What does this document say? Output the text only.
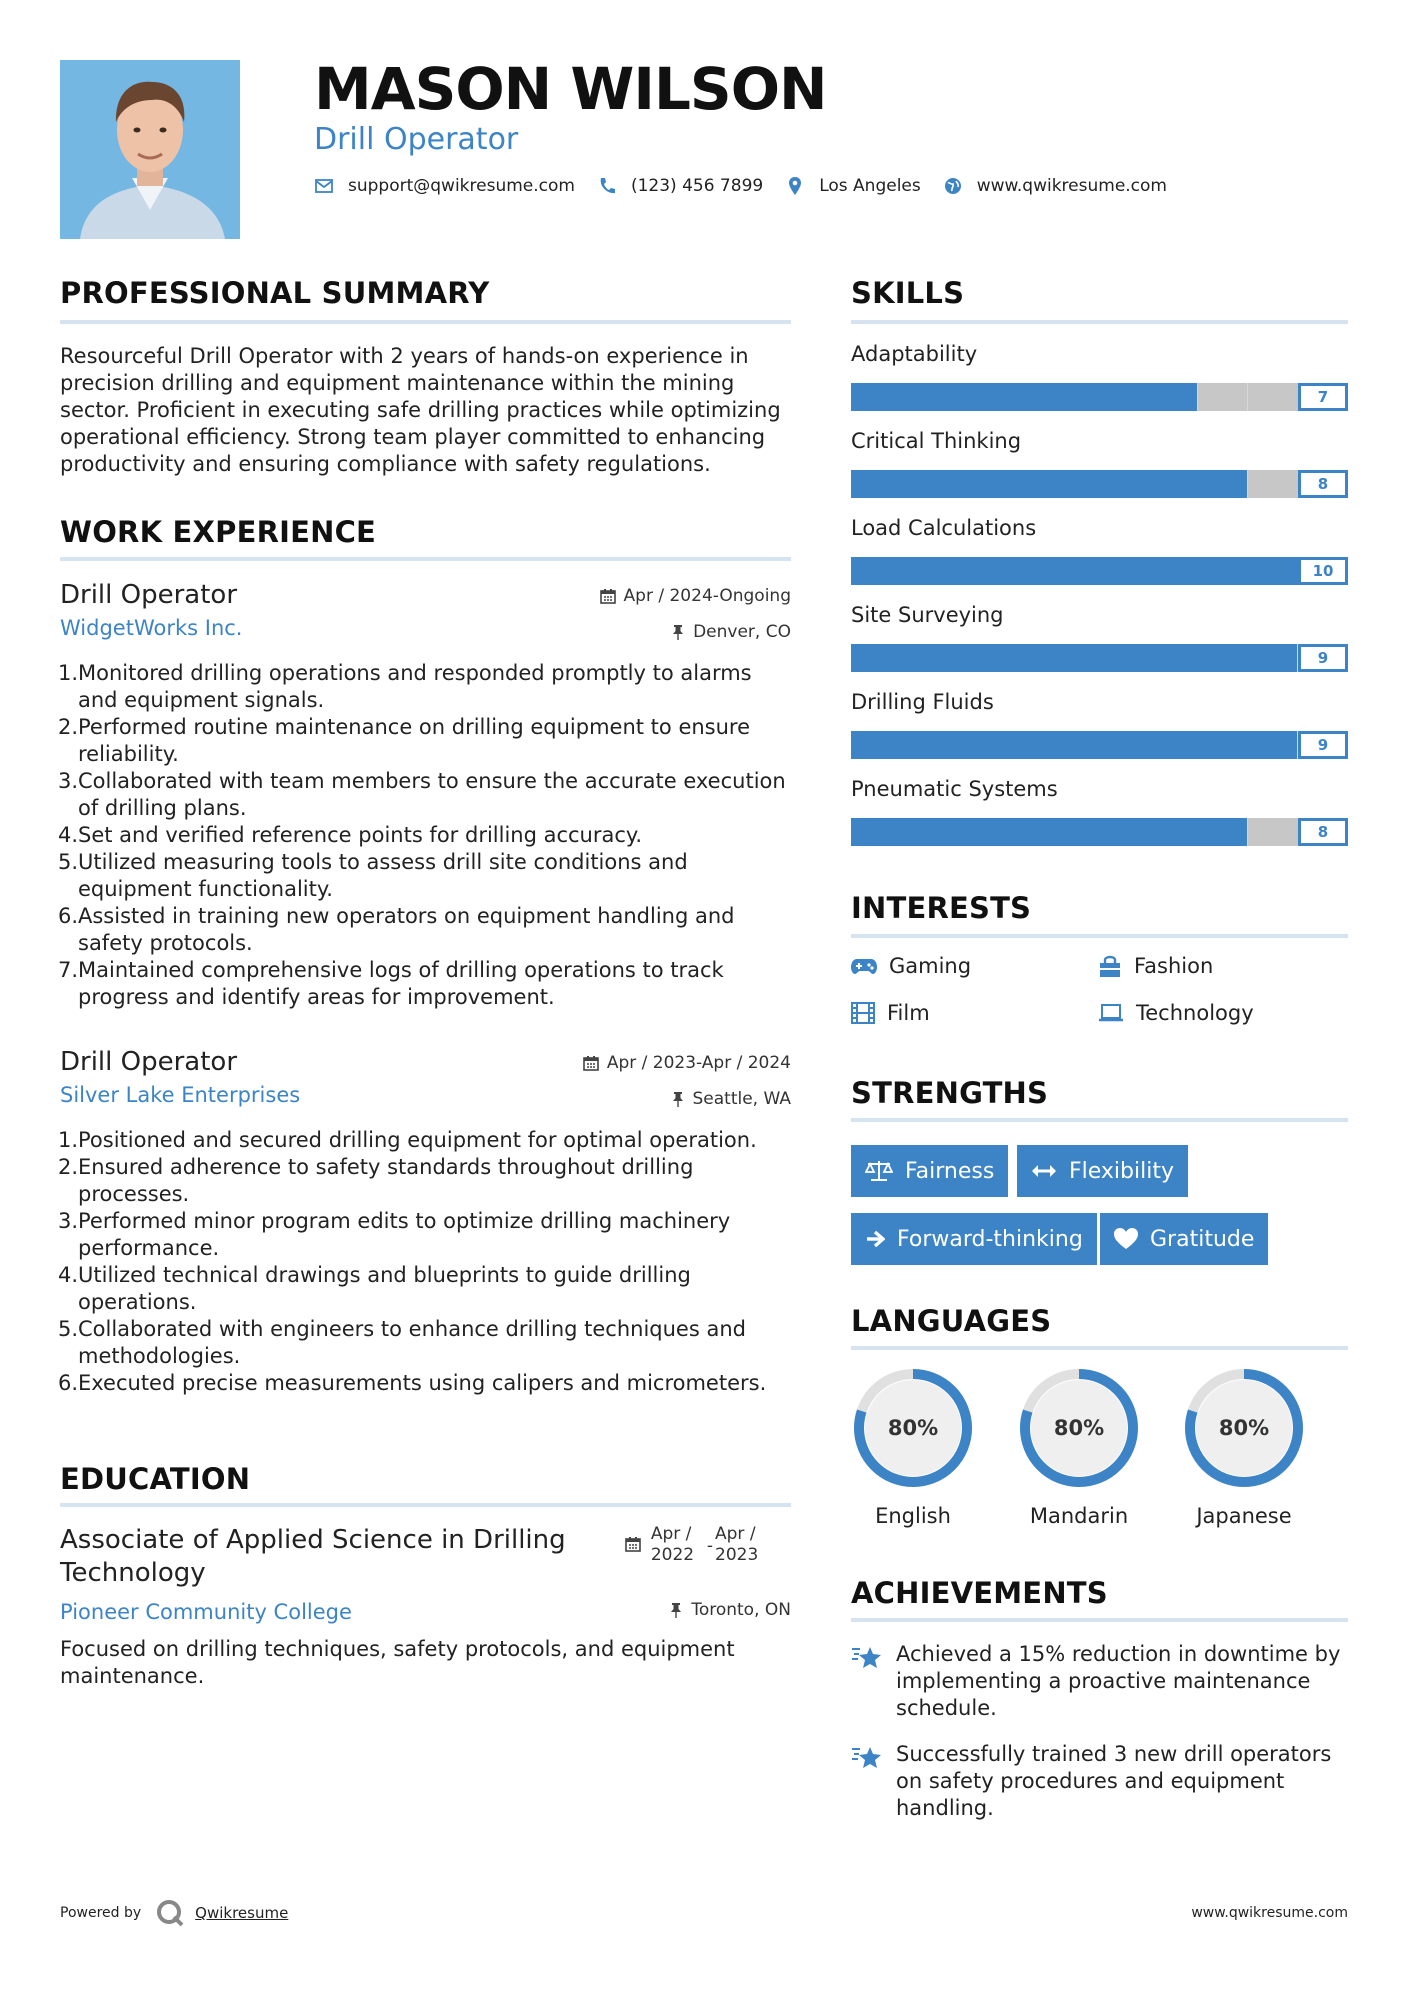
MASON WILSON
Drill Operator
support@qwikresume.com	(123) 456 7899	Los Angeles	www.qwikresume.com
PROFESSIONAL SUMMARY
Resourceful Drill Operator with 2 years of hands-on experience in precision drilling and equipment maintenance within the mining sector. Proficient in executing safe drilling practices while optimizing operational efficiency. Strong team player committed to enhancing productivity and ensuring compliance with safety regulations.
WORK EXPERIENCE
Drill Operator
WidgetWorks Inc.
Apr / 2024-Ongoing
Denver, CO
Monitored drilling operations and responded promptly to alarms and equipment signals.
Performed routine maintenance on drilling equipment to ensure reliability.
Collaborated with team members to ensure the accurate execution of drilling plans.
Set and verified reference points for drilling accuracy.
Utilized measuring tools to assess drill site conditions and equipment functionality.
Assisted in training new operators on equipment handling and safety protocols.
Maintained comprehensive logs of drilling operations to track progress and identify areas for improvement.
Drill Operator
Silver Lake Enterprises
Apr / 2023-Apr / 2024
Seattle, WA
Positioned and secured drilling equipment for optimal operation.
Ensured adherence to safety standards throughout drilling processes.
Performed minor program edits to optimize drilling machinery performance.
Utilized technical drawings and blueprints to guide drilling operations.
Collaborated with engineers to enhance drilling techniques and methodologies.
Executed precise measurements using calipers and micrometers.
EDUCATION
Associate of Applied Science in Drilling Technology
Pioneer Community College
Apr /
2022 -
Apr /
2023
Toronto, ON
Focused on drilling techniques, safety protocols, and equipment maintenance.
SKILLS
Adaptability
7
Critical Thinking
8
Load Calculations
10
Site Surveying
9
Drilling Fluids
9
Pneumatic Systems
8
INTERESTS
Gaming	Fashion
Film	Technology
STRENGTHS
Fairness	Flexibility
Forward-thinking	Gratitude
LANGUAGES
80%
English
80%
Mandarin
80%
Japanese
ACHIEVEMENTS
Achieved a 15% reduction in downtime by implementing a proactive maintenance schedule.
Successfully trained 3 new drill operators on safety procedures and equipment handling.
Powered by	Qwikresume	www.qwikresume.com
